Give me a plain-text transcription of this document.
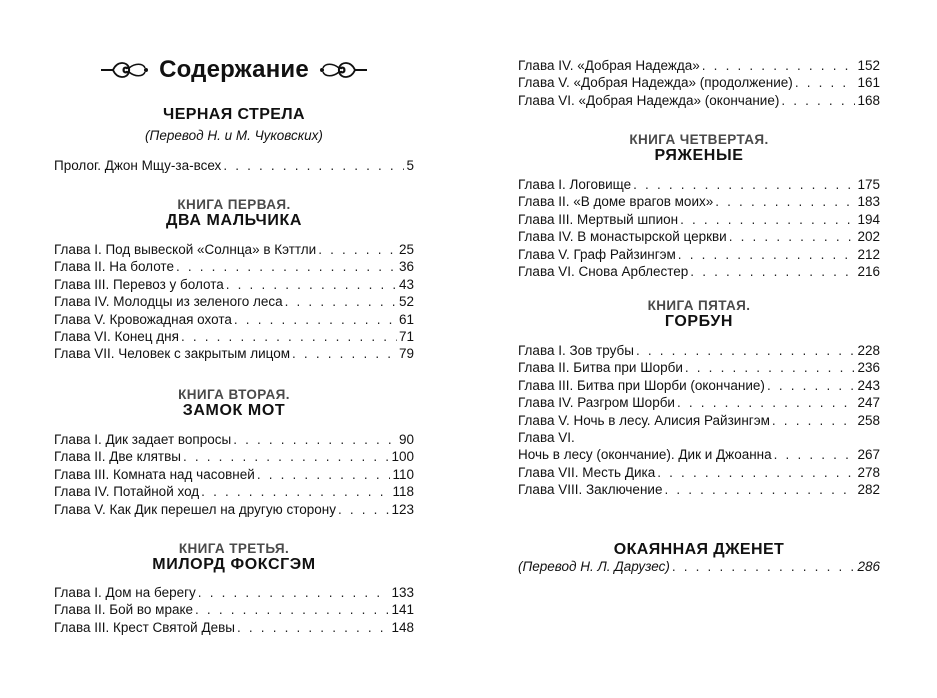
Содержание
ЧЕРНАЯ СТРЕЛА
(Перевод Н. и М. Чуковских)
Пролог. Джон Мщу-за-всех . . .	5
КНИГА ПЕРВАЯ.
ДВА МАЛЬЧИКА
Глава I. Под вывеской «Солнца» в Кэттли . . .	25
Глава II. На болоте . . .	36
Глава III. Перевоз у болота . . .	43
Глава IV. Молодцы из зеленого леса . . .	52
Глава V. Кровожадная охота . . .	61
Глава VI. Конец дня . . .	71
Глава VII. Человек с закрытым лицом . . .	79
КНИГА ВТОРАЯ.
ЗАМОК МОТ
Глава I. Дик задает вопросы . . .	90
Глава II. Две клятвы . . .	100
Глава III. Комната над часовней . . .	110
Глава IV. Потайной ход . . .	118
Глава V. Как Дик перешел на другую сторону . . .	123
КНИГА ТРЕТЬЯ.
МИЛОРД ФОКСГЭМ
Глава I. Дом на берегу . . .	133
Глава II. Бой во мраке . . .	141
Глава III. Крест Святой Девы . . .	148
Глава IV. «Добрая Надежда» . . .	152
Глава V. «Добрая Надежда» (продолжение) . . .	161
Глава VI. «Добрая Надежда» (окончание) . . .	168
КНИГА ЧЕТВЕРТАЯ.
РЯЖЕНЫЕ
Глава I. Логовище . . .	175
Глава II. «В доме врагов моих» . . .	183
Глава III. Мертвый шпион . . .	194
Глава IV. В монастырской церкви . . .	202
Глава V. Граф Райзингэм . . .	212
Глава VI. Снова Арблестер . . .	216
КНИГА ПЯТАЯ.
ГОРБУН
Глава I. Зов трубы . . .	228
Глава II. Битва при Шорби . . .	236
Глава III. Битва при Шорби (окончание) . . .	243
Глава IV. Разгром Шорби . . .	247
Глава V. Ночь в лесу. Алисия Райзингэм . . .	258
Глава VI.
Ночь в лесу (окончание). Дик и Джоанна . . .	267
Глава VII. Месть Дика . . .	278
Глава VIII. Заключение . . .	282
ОКАЯННАЯ ДЖЕНЕТ
(Перевод Н. Л. Дарузес) . . .	286
